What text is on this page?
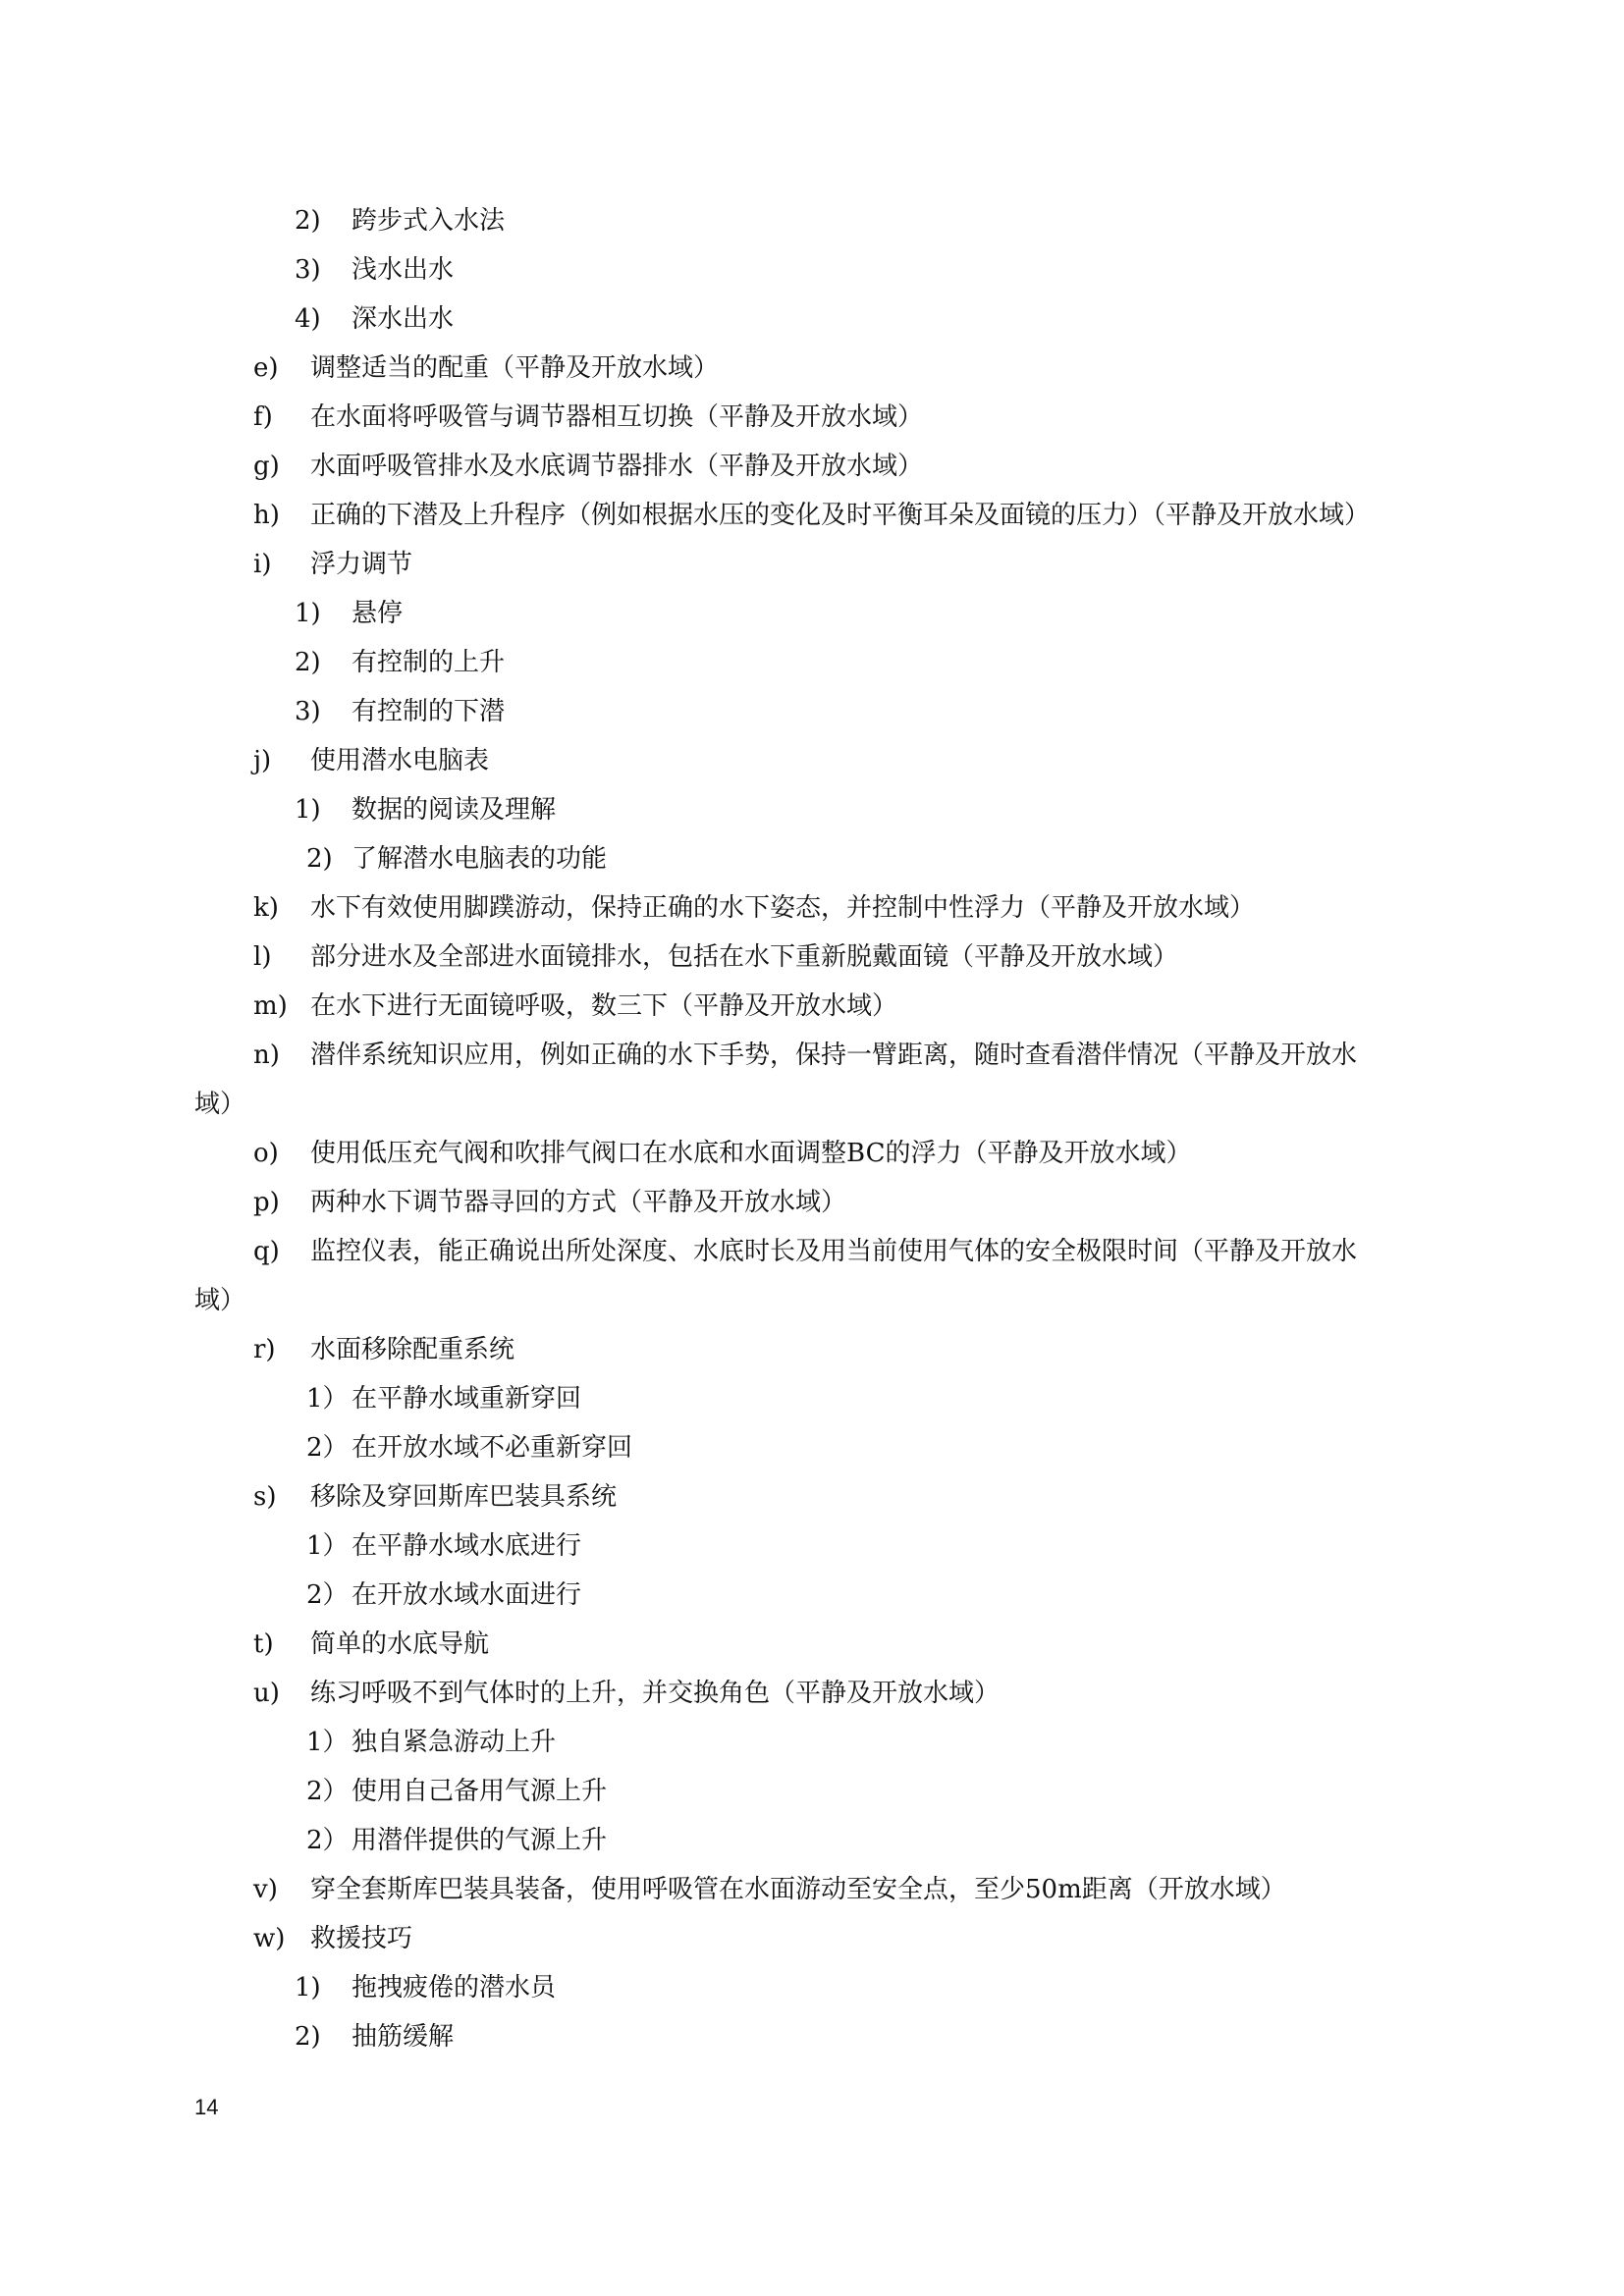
2) 跨步式入水法
3) 浅水出水
4) 深水出水
e) 调整适当的配重（平静及开放水域）
f) 在水面将呼吸管与调节器相互切换（平静及开放水域）
g) 水面呼吸管排水及水底调节器排水（平静及开放水域）
h) 正确的下潜及上升程序（例如根据水压的变化及时平衡耳朵及面镜的压力）（平静及开放水域）
i) 浮力调节
1) 悬停
2) 有控制的上升
3) 有控制的下潜
j) 使用潜水电脑表
1) 数据的阅读及理解
2) 了解潜水电脑表的功能
k) 水下有效使用脚蹼游动，保持正确的水下姿态，并控制中性浮力（平静及开放水域）
l) 部分进水及全部进水面镜排水，包括在水下重新脱戴面镜（平静及开放水域）
m) 在水下进行无面镜呼吸，数三下（平静及开放水域）
n) 潜伴系统知识应用，例如正确的水下手势，保持一臂距离，随时查看潜伴情况（平静及开放水
域）
o) 使用低压充气阀和吹排气阀口在水底和水面调整BC的浮力（平静及开放水域）
p) 两种水下调节器寻回的方式（平静及开放水域）
q) 监控仪表，能正确说出所处深度、水底时长及用当前使用气体的安全极限时间（平静及开放水
域）
r) 水面移除配重系统
1） 在平静水域重新穿回
2） 在开放水域不必重新穿回
s) 移除及穿回斯库巴装具系统
1） 在平静水域水底进行
2） 在开放水域水面进行
t) 简单的水底导航
u) 练习呼吸不到气体时的上升，并交换角色（平静及开放水域）
1） 独自紧急游动上升
2） 使用自己备用气源上升
2） 用潜伴提供的气源上升
v) 穿全套斯库巴装具装备，使用呼吸管在水面游动至安全点，至少50m距离（开放水域）
w) 救援技巧
1) 拖拽疲倦的潜水员
2) 抽筋缓解
14
